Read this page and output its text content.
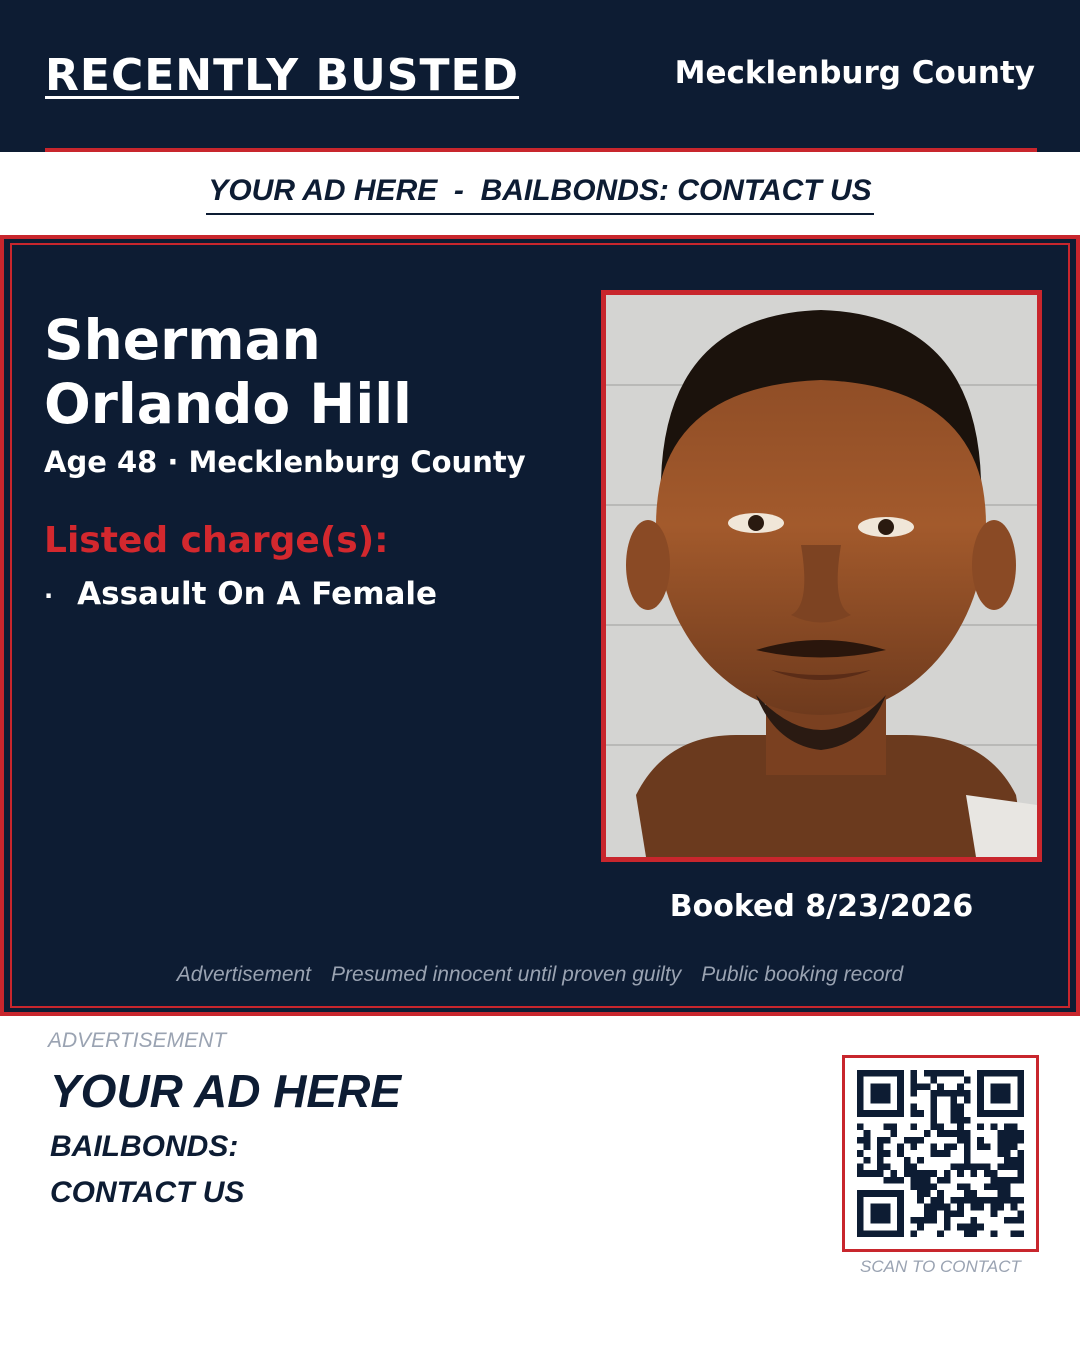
RECENTLY BUSTED	Mecklenburg County
YOUR AD HERE  -  BAILBONDS: CONTACT US
Sherman Orlando Hill
Age 48 · Mecklenburg County
Listed charge(s):
· Assault On A Female
Booked 8/23/2026
Advertisement Presumed innocent until proven guilty Public booking record
ADVERTISEMENT
YOUR AD HERE
BAILBONDS:
CONTACT US
SCAN TO CONTACT
